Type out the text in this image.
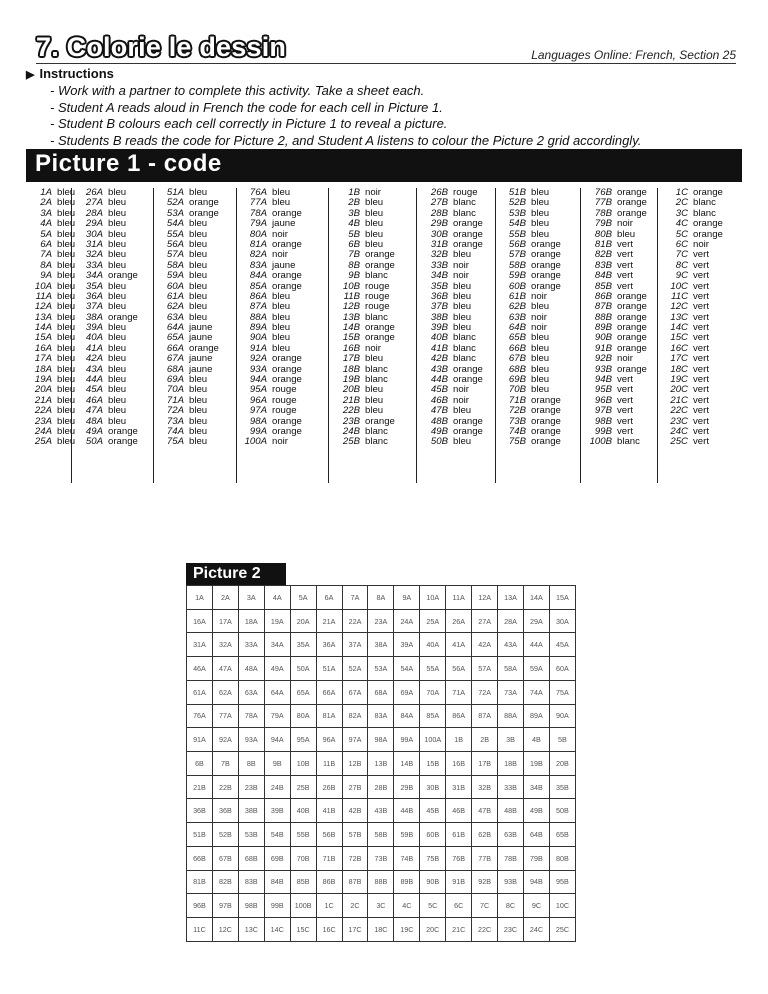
7. Colorie le dessin	Languages Online: French, Section 25
▶ Instructions
- Work with a partner to complete this activity. Take a sheet each.
- Student A reads aloud in French the code for each cell in Picture 1.
- Student B colours each cell correctly in Picture 1 to reveal a picture.
- Students B reads the code for Picture 2, and Student A listens to colour the Picture 2 grid accordingly.
Picture 1 - code
1A bleu
2A bleu
3A bleu
4A bleu
5A bleu
6A bleu
7A bleu
8A bleu
9A bleu
10A bleu
11A bleu
12A bleu
13A bleu
14A bleu
15A bleu
16A bleu
17A bleu
18A bleu
19A bleu
20A bleu
21A bleu
22A bleu
23A bleu
24A bleu
25A bleu
26A bleu
27A bleu
28A bleu
29A bleu
30A bleu
31A bleu
32A bleu
33A bleu
34A orange
35A bleu
36A bleu
37A bleu
38A orange
39A bleu
40A bleu
41A bleu
42A bleu
43A bleu
44A bleu
45A bleu
46A bleu
47A bleu
48A bleu
49A orange
50A orange
51A bleu
52A orange
53A orange
54A bleu
55A bleu
56A bleu
57A bleu
58A bleu
59A bleu
60A bleu
61A bleu
62A bleu
63A bleu
64A jaune
65A jaune
66A orange
67A jaune
68A jaune
69A bleu
70A bleu
71A bleu
72A bleu
73A bleu
74A bleu
75A bleu
76A bleu
77A bleu
78A orange
79A jaune
80A noir
81A orange
82A noir
83A jaune
84A orange
85A orange
86A bleu
87A bleu
88A bleu
89A bleu
90A bleu
91A bleu
92A orange
93A orange
94A orange
95A rouge
96A rouge
97A rouge
98A orange
99A orange
100A noir
1B noir
2B bleu
3B bleu
4B bleu
5B bleu
6B bleu
7B orange
8B orange
9B blanc
10B rouge
11B rouge
12B rouge
13B blanc
14B orange
15B orange
16B noir
17B bleu
18B blanc
19B blanc
20B bleu
21B bleu
22B bleu
23B orange
24B blanc
25B blanc
26B rouge
27B blanc
28B blanc
29B orange
30B orange
31B orange
32B bleu
33B noir
34B noir
35B bleu
36B bleu
37B bleu
38B bleu
39B bleu
40B blanc
41B blanc
42B blanc
43B orange
44B orange
45B noir
46B noir
47B bleu
48B orange
49B orange
50B bleu
51B bleu
52B bleu
53B bleu
54B bleu
55B bleu
56B orange
57B orange
58B orange
59B orange
60B orange
61B noir
62B bleu
63B noir
64B noir
65B bleu
66B bleu
67B bleu
68B bleu
69B bleu
70B bleu
71B orange
72B orange
73B orange
74B orange
75B orange
76B orange
77B orange
78B orange
79B noir
80B bleu
81B vert
82B vert
83B vert
84B vert
85B vert
86B orange
87B orange
88B orange
89B orange
90B orange
91B orange
92B noir
93B orange
94B vert
95B vert
96B vert
97B vert
98B vert
99B vert
100B blanc
1C orange
2C blanc
3C blanc
4C orange
5C orange
6C noir
7C vert
8C vert
9C vert
10C vert
11C vert
12C vert
13C vert
14C vert
15C vert
16C vert
17C vert
18C vert
19C vert
20C vert
21C vert
22C vert
23C vert
24C vert
25C vert
Picture 2
1A	2A	3A	4A	5A	6A	7A	8A	9A	10A	11A	12A	13A	14A	15A
16A	17A	18A	19A	20A	21A	22A	23A	24A	25A	26A	27A	28A	29A	30A
31A	32A	33A	34A	35A	36A	37A	38A	39A	40A	41A	42A	43A	44A	45A
46A	47A	48A	49A	50A	51A	52A	53A	54A	55A	56A	57A	58A	59A	60A
61A	62A	63A	64A	65A	66A	67A	68A	69A	70A	71A	72A	73A	74A	75A
76A	77A	78A	79A	80A	81A	82A	83A	84A	85A	86A	87A	88A	89A	90A
91A	92A	93A	94A	95A	96A	97A	98A	99A	100A	1B	2B	3B	4B	5B
6B	7B	8B	9B	10B	11B	12B	13B	14B	15B	16B	17B	18B	19B	20B
21B	22B	23B	24B	25B	26B	27B	28B	29B	30B	31B	32B	33B	34B	35B
36B	36B	38B	39B	40B	41B	42B	43B	44B	45B	46B	47B	48B	49B	50B
51B	52B	53B	54B	55B	56B	57B	58B	59B	60B	61B	62B	63B	64B	65B
66B	67B	68B	69B	70B	71B	72B	73B	74B	75B	76B	77B	78B	79B	80B
81B	82B	83B	84B	85B	86B	87B	88B	89B	90B	91B	92B	93B	94B	95B
96B	97B	98B	99B	100B	1C	2C	3C	4C	5C	6C	7C	8C	9C	10C
11C	12C	13C	14C	15C	16C	17C	18C	19C	20C	21C	22C	23C	24C	25C
